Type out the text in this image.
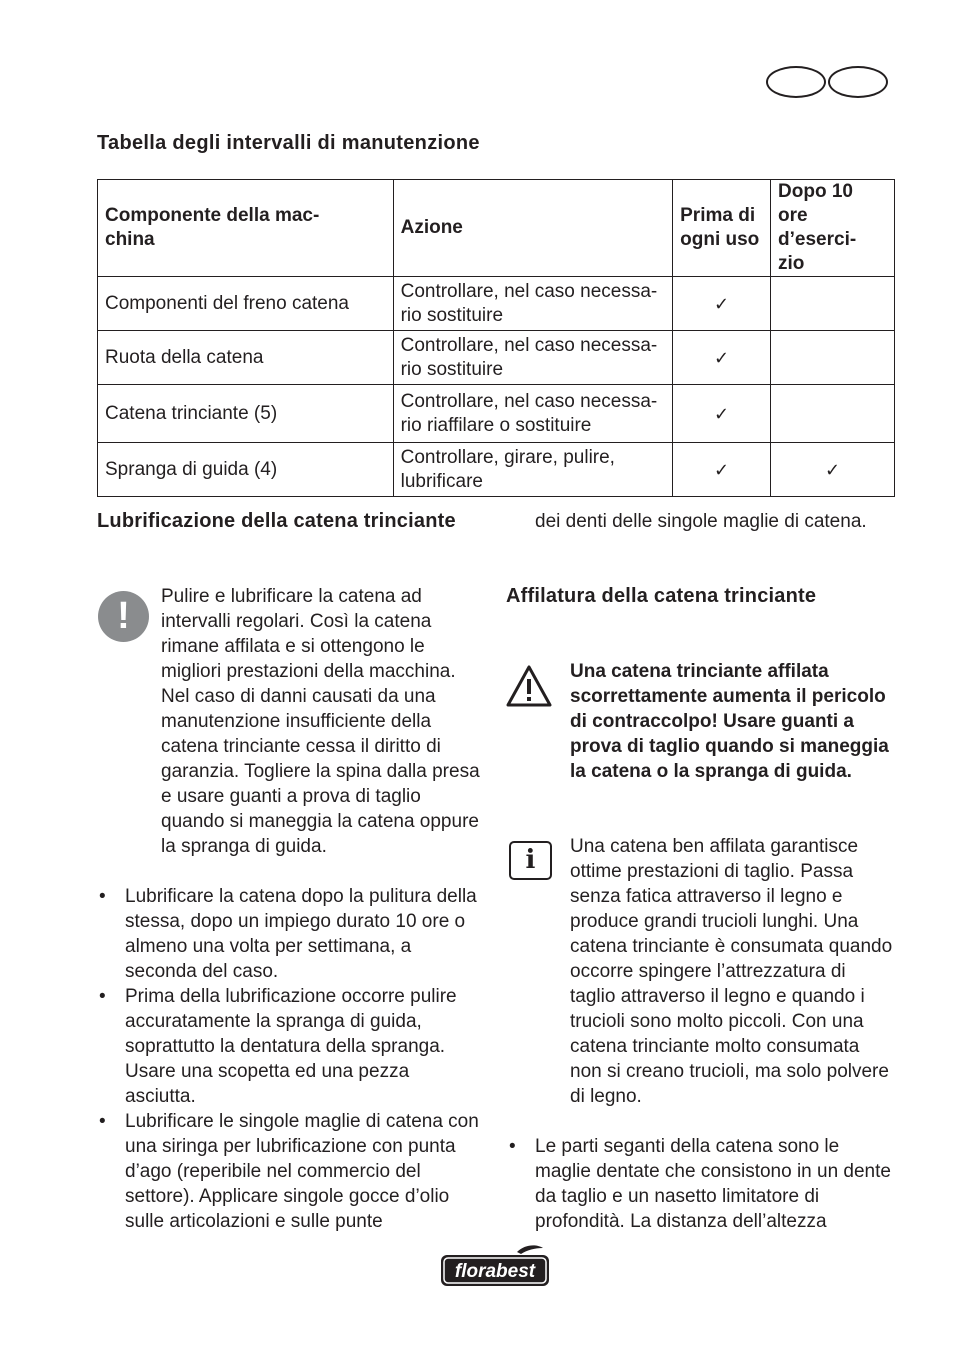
Tabella degli intervalli di manutenzione
Componente della mac- china	Azione	Prima di ogni uso	Dopo 10 ore d’eserci- zio
Componenti del freno catena	Controllare, nel caso necessa- rio sostituire	✓	
Ruota della catena	Controllare, nel caso necessa- rio sostituire	✓	
Catena trinciante (5)	Controllare, nel caso necessa- rio riaffilare o sostituire	✓	
Spranga di guida (4)	Controllare, girare, pulire, lubrificare	✓	✓
Lubrificazione della catena trinciante
!	Pulire e lubrificare la catena ad intervalli regolari. Così la catena rimane affilata e si ottengono le migliori prestazioni della macchina. Nel caso di danni causati da una manutenzione insufficiente della catena trinciante cessa il diritto di garanzia. Togliere la spina dalla presa e usare guanti a prova di taglio quando si maneggia la catena oppure la spranga di guida.
• Lubrificare la catena dopo la pulitura della stessa, dopo un impiego durato 10 ore o almeno una volta per settimana, a seconda del caso.
• Prima della lubrificazione occorre pulire accuratamente la spranga di guida, soprattutto la dentatura della spranga. Usare una scopetta ed una pezza asciutta.
• Lubrificare le singole maglie di catena con una siringa per lubrificazione con punta d’ago (reperibile nel commercio del settore). Applicare singole gocce d’olio sulle articolazioni e sulle punte
dei denti delle singole maglie di catena.
Affilatura della catena trinciante
Una catena trinciante affilata scorrettamente aumenta il pericolo di contraccolpo! Usare guanti a prova di taglio quando si maneggia la catena o la spranga di guida.
i	Una catena ben affilata garantisce ottime prestazioni di taglio. Passa senza fatica attraverso il legno e produce grandi trucioli lunghi. Una catena trinciante è consumata quando occorre spingere l’attrezzatura di taglio attraverso il legno e quando i trucioli sono molto piccoli. Con una catena trinciante molto consumata non si creano trucioli, ma solo polvere di legno.
• Le parti seganti della catena sono le maglie dentate che consistono in un dente da taglio e un nasetto limitatore di profondità. La distanza dell’altezza
florabest
